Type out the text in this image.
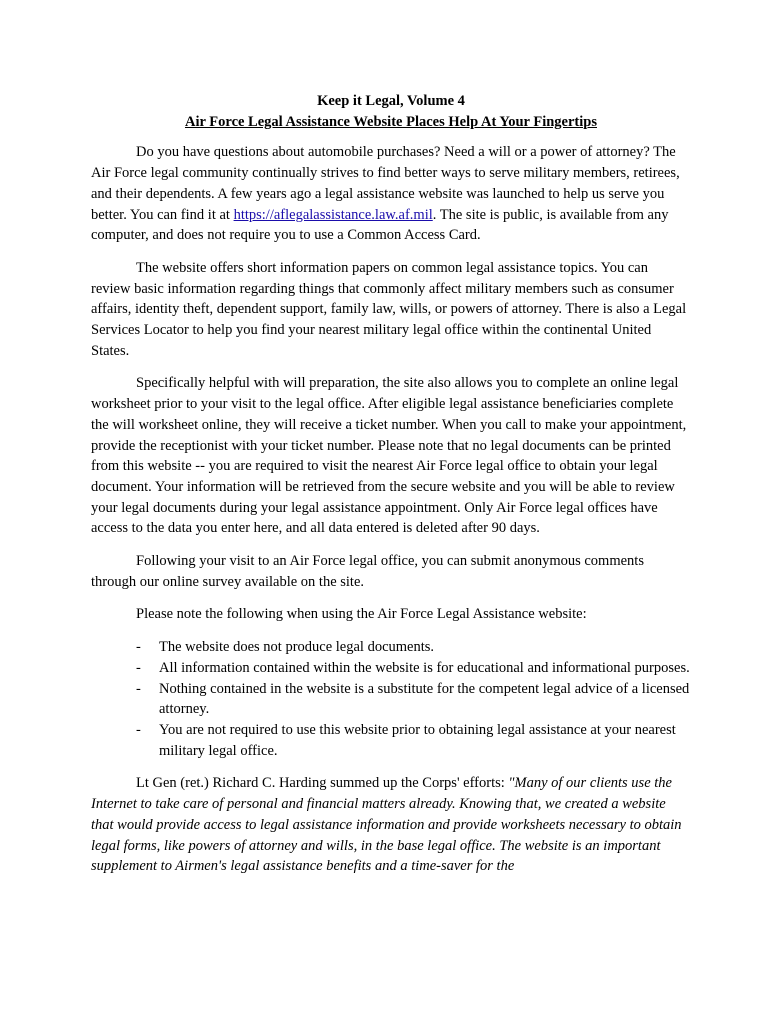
Keep it Legal, Volume 4
Air Force Legal Assistance Website Places Help At Your Fingertips

Do you have questions about automobile purchases? Need a will or a power of attorney? The Air Force legal community continually strives to find better ways to serve military members, retirees, and their dependents. A few years ago a legal assistance website was launched to help us serve you better. You can find it at https://aflegalassistance.law.af.mil. The site is public, is available from any computer, and does not require you to use a Common Access Card.

The website offers short information papers on common legal assistance topics. You can review basic information regarding things that commonly affect military members such as consumer affairs, identity theft, dependent support, family law, wills, or powers of attorney. There is also a Legal Services Locator to help you find your nearest military legal office within the continental United States.

Specifically helpful with will preparation, the site also allows you to complete an online legal worksheet prior to your visit to the legal office. After eligible legal assistance beneficiaries complete the will worksheet online, they will receive a ticket number. When you call to make your appointment, provide the receptionist with your ticket number. Please note that no legal documents can be printed from this website -- you are required to visit the nearest Air Force legal office to obtain your legal document. Your information will be retrieved from the secure website and you will be able to review your legal documents during your legal assistance appointment. Only Air Force legal offices have access to the data you enter here, and all data entered is deleted after 90 days.

Following your visit to an Air Force legal office, you can submit anonymous comments through our online survey available on the site.

Please note the following when using the Air Force Legal Assistance website:

- The website does not produce legal documents.
- All information contained within the website is for educational and informational purposes.
- Nothing contained in the website is a substitute for the competent legal advice of a licensed attorney.
- You are not required to use this website prior to obtaining legal assistance at your nearest military legal office.

Lt Gen (ret.) Richard C. Harding summed up the Corps' efforts: "Many of our clients use the Internet to take care of personal and financial matters already. Knowing that, we created a website that would provide access to legal assistance information and provide worksheets necessary to obtain legal forms, like powers of attorney and wills, in the base legal office. The website is an important supplement to Airmen's legal assistance benefits and a time-saver for the
